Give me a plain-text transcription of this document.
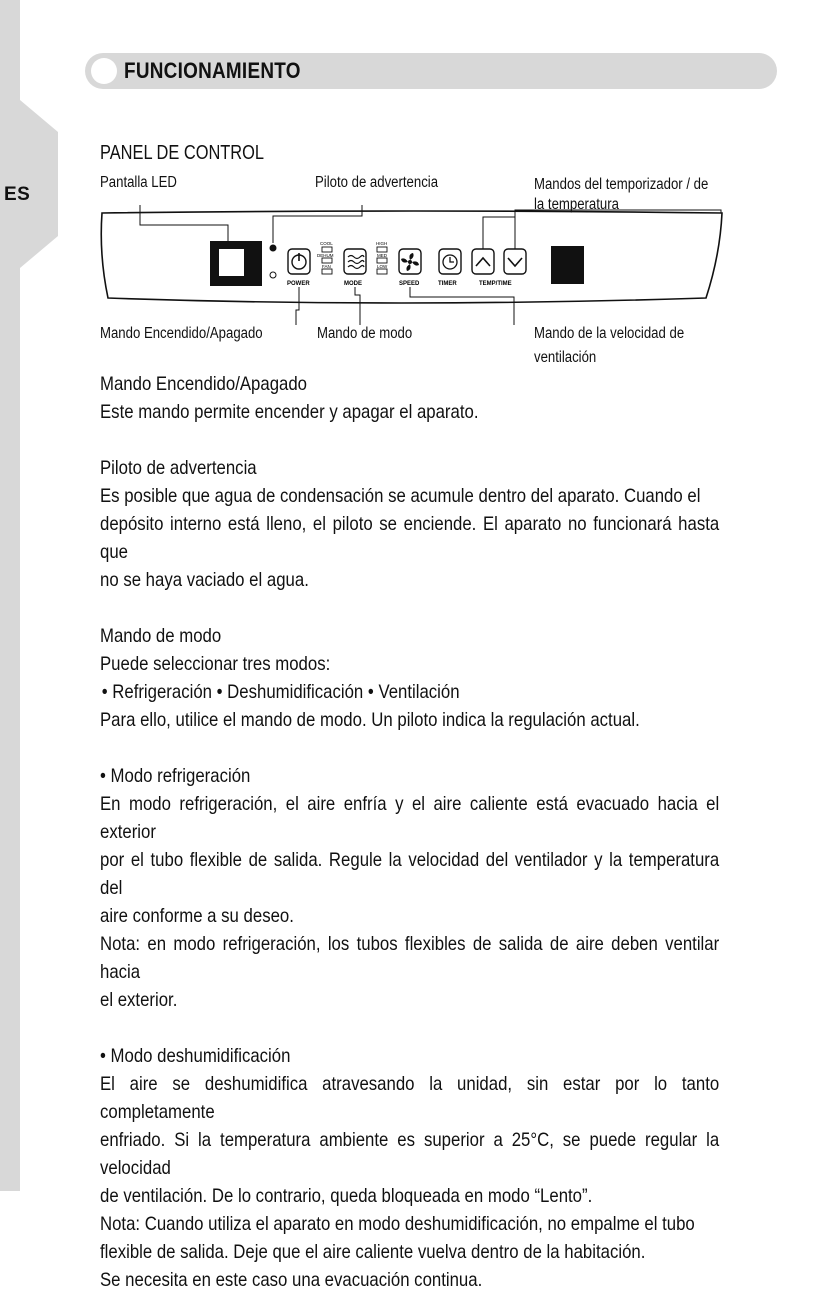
ES
FUNCIONAMIENTO
PANEL DE CONTROL
Pantalla LED	Piloto de advertencia	Mandos del temporizador / de
la temperatura
POWER
COOL
DEHUM
FAN
MODE
HIGH
MED
LOW
SPEED	TIMER	TEMP/TIME
Mando Encendido/Apagado	Mando de modo	Mando de la velocidad de
ventilación

Mando Encendido/Apagado

Este mando permite encender y apagar el aparato.

Piloto de advertencia

Es posible que agua de condensación se acumule dentro del aparato. Cuando el

depósito interno está lleno, el piloto se enciende. El aparato no funcionará hasta que

no se haya vaciado el agua.

Mando de modo

Puede seleccionar tres modos:

• Refrigeración • Deshumidificación • Ventilación

Para ello, utilice el mando de modo. Un piloto indica la regulación actual.

• Modo refrigeración

En modo refrigeración, el aire enfría y el aire caliente está evacuado hacia el exterior

por el tubo flexible de salida. Regule la velocidad del ventilador y la temperatura del

aire conforme a su deseo.

Nota: en modo refrigeración, los tubos flexibles de salida de aire deben ventilar hacia

el exterior.

• Modo deshumidificación

El aire se deshumidifica atravesando la unidad, sin estar por lo tanto completamente

enfriado. Si la temperatura ambiente es superior a 25°C, se puede regular la velocidad

de ventilación. De lo contrario, queda bloqueada en modo “Lento”.

Nota: Cuando utiliza el aparato en modo deshumidificación, no empalme el tubo

flexible de salida. Deje que el aire caliente vuelva dentro de la habitación.

Se necesita en este caso una evacuación continua.
